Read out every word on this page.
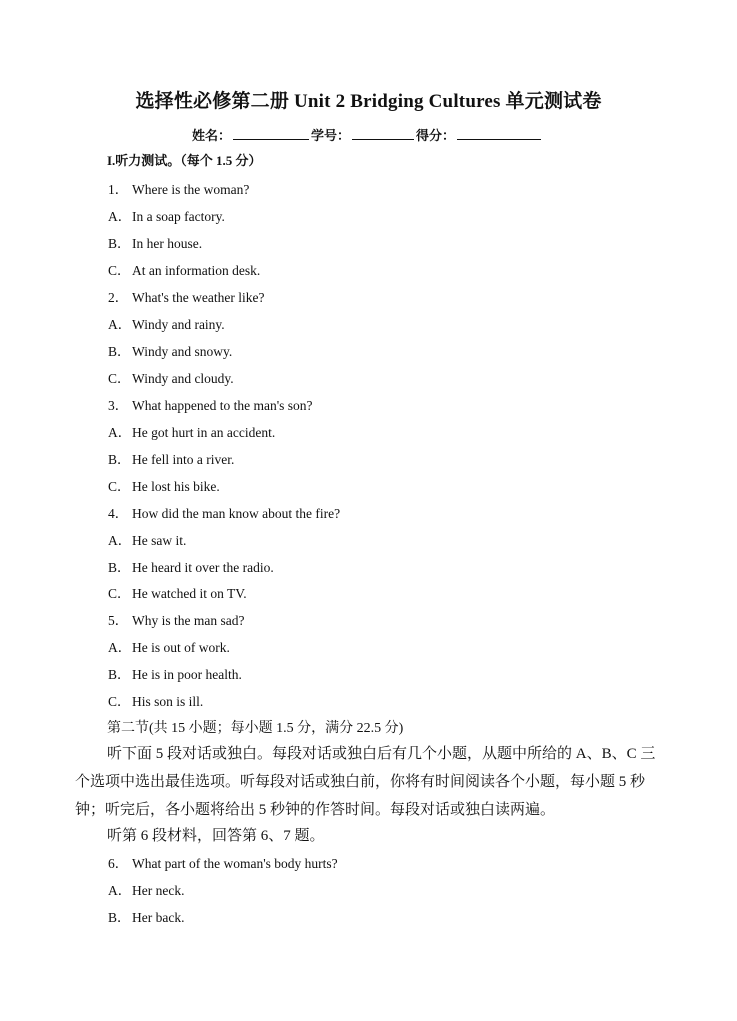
选择性必修第二册 Unit 2 Bridging Cultures 单元测试卷
姓名：	学号：	得分：
I.听力测试。（每个 1.5 分）
1． Where is the woman?
A．In a soap factory.
B．In her house.
C．At an information desk.
2． What's the weather like?
A．Windy and rainy.
B．Windy and snowy.
C．Windy and cloudy.
3． What happened to the man's son?
A．He got hurt in an accident.
B．He fell into a river.
C．He lost his bike.
4． How did the man know about the fire?
A．He saw it.
B．He heard it over the radio.
C．He watched it on TV.
5． Why is the man sad?
A．He is out of work.
B．He is in poor health.
C．His son is ill.
第二节(共 15 小题；每小题 1.5 分，满分 22.5 分)
听下面 5 段对话或独白。每段对话或独白后有几个小题，从题中所给的 A、B、C 三个选项中选出最佳选项。听每段对话或独白前，你将有时间阅读各个小题，每小题 5 秒钟；听完后，各小题将给出 5 秒钟的作答时间。每段对话或独白读两遍。
听第 6 段材料，回答第 6、7 题。
6． What part of the woman's body hurts?
A．Her neck.
B．Her back.
